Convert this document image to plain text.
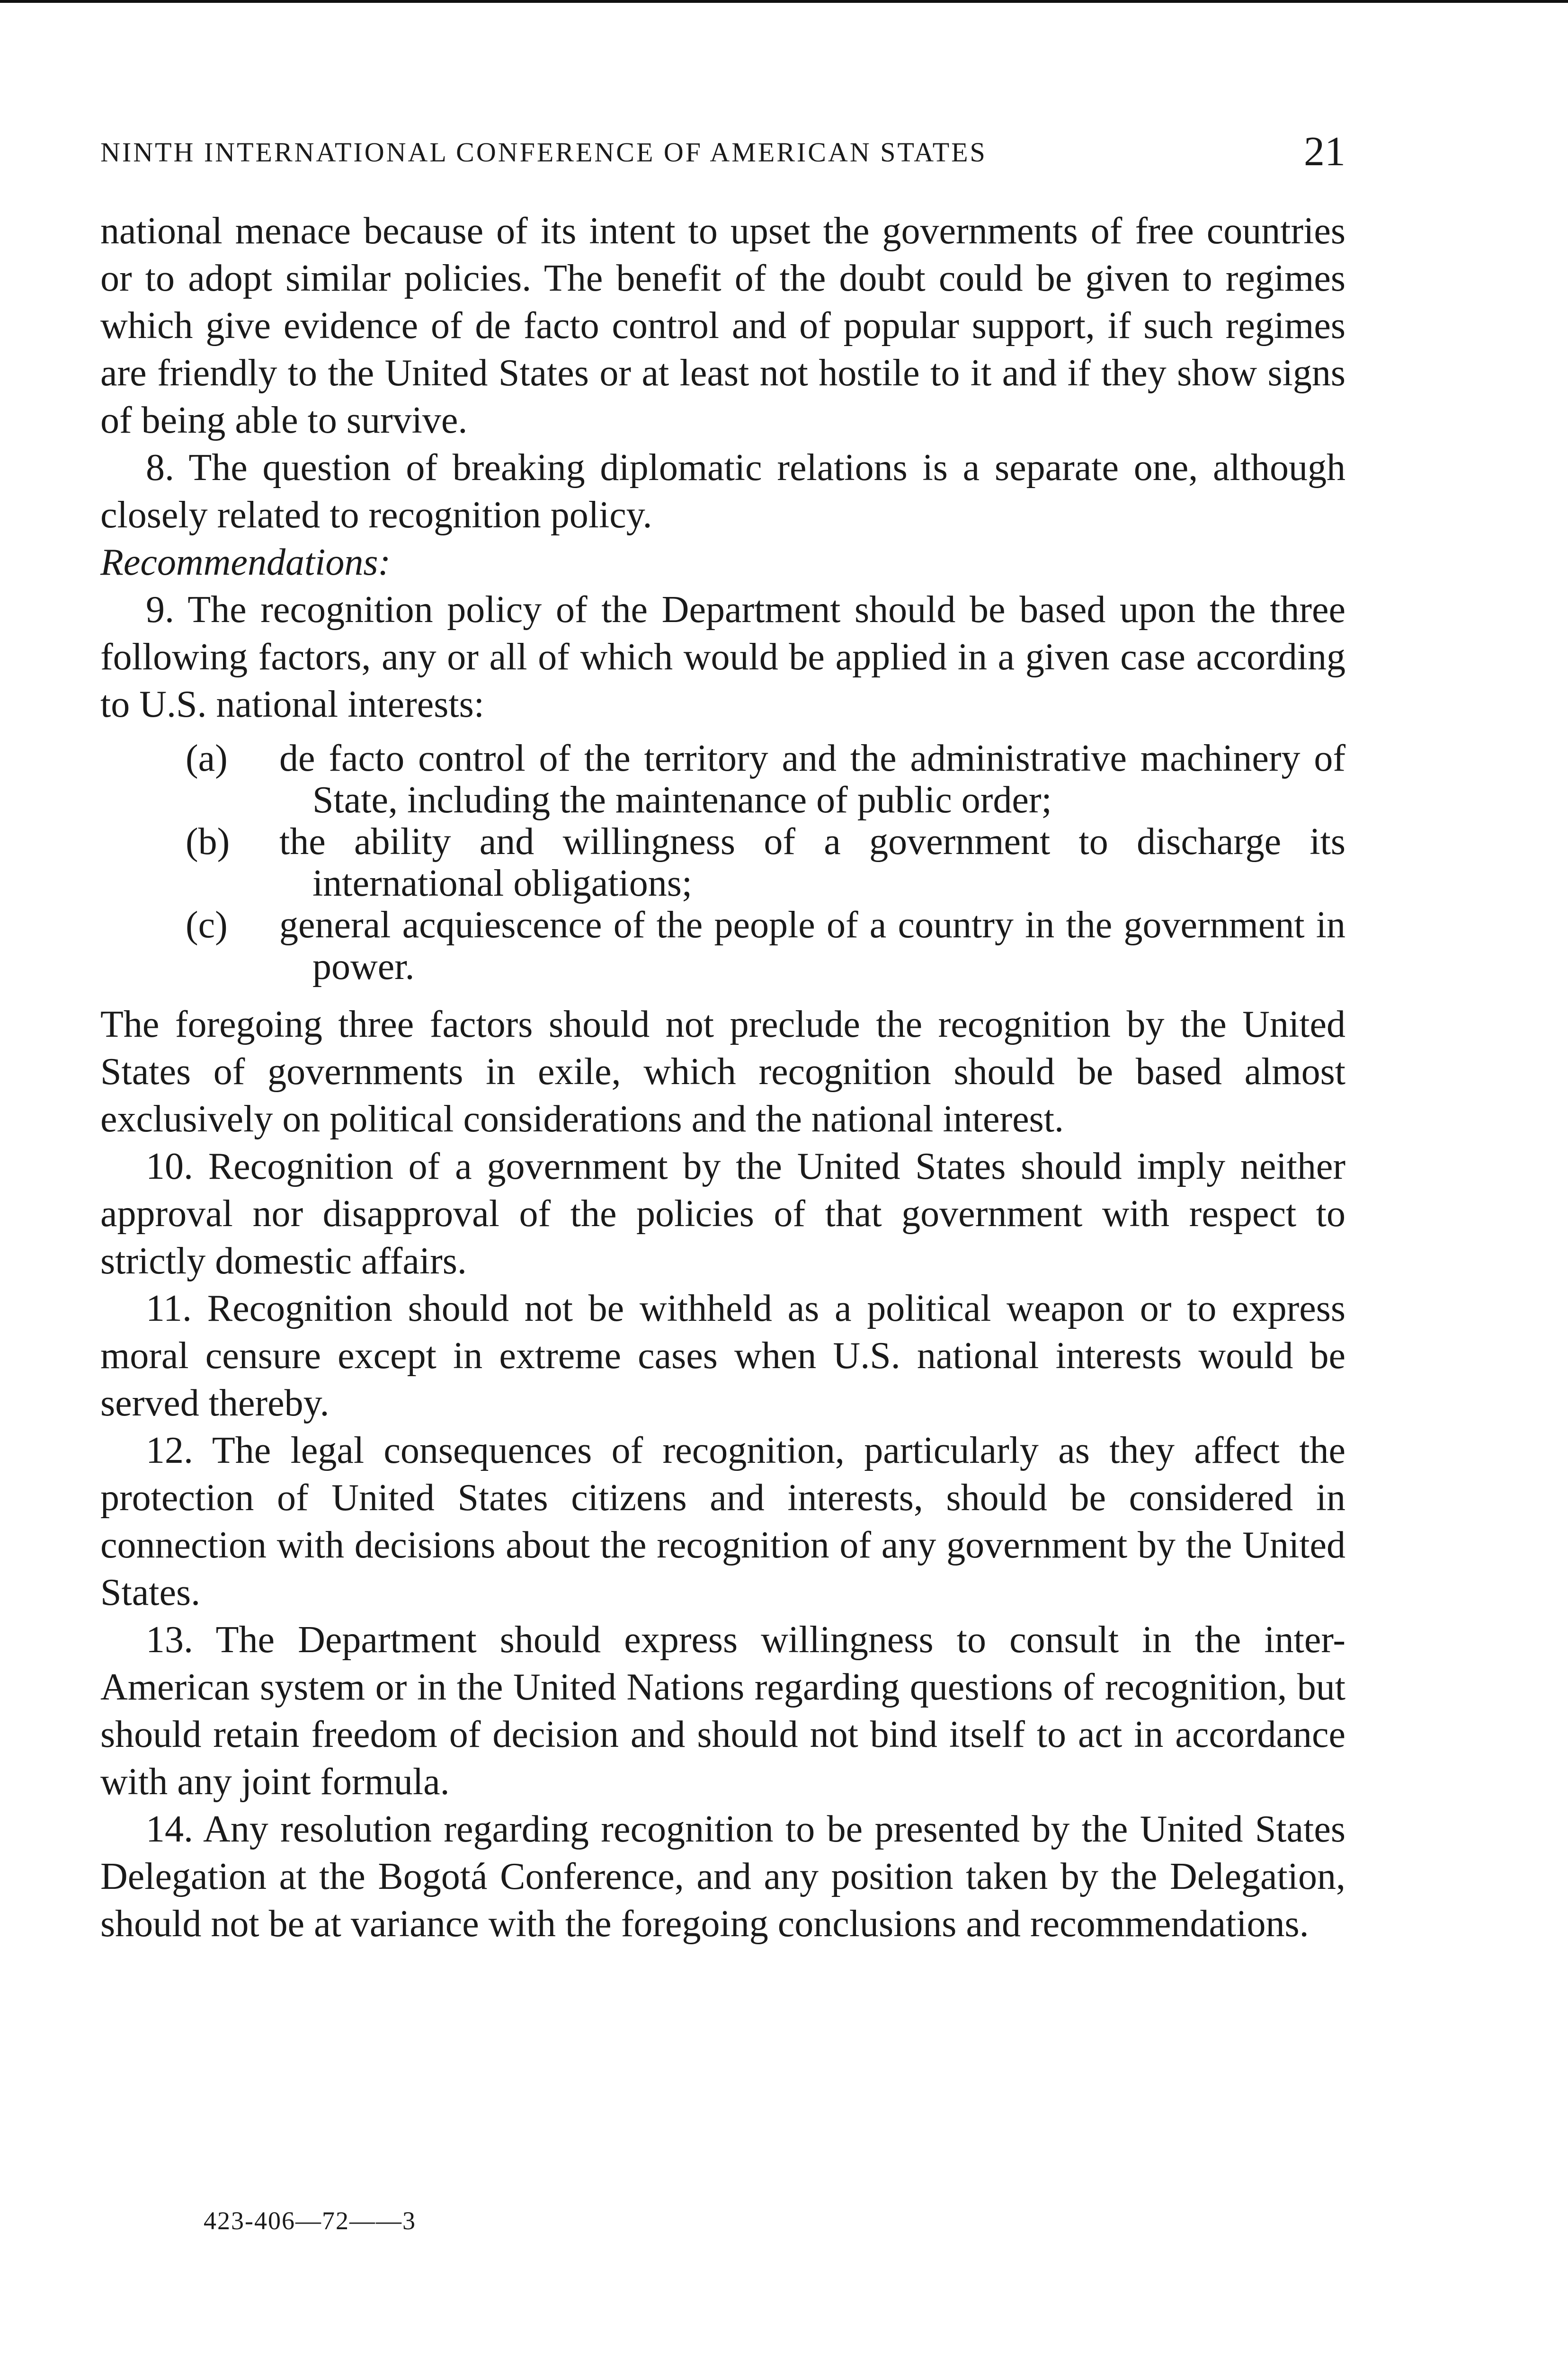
NINTH INTERNATIONAL CONFERENCE OF AMERICAN STATES	21

national menace because of its intent to upset the governments of free countries or to adopt similar policies. The benefit of the doubt could be given to regimes which give evidence of de facto control and of popular support, if such regimes are friendly to the United States or at least not hostile to it and if they show signs of being able to survive.

8. The question of breaking diplomatic relations is a separate one, although closely related to recognition policy.

Recommendations:

9. The recognition policy of the Department should be based upon the three following factors, any or all of which would be applied in a given case according to U.S. national interests:

(a)	de facto control of the territory and the administrative machinery of State, including the maintenance of public order;
(b)	the ability and willingness of a government to discharge its international obligations;
(c)	general acquiescence of the people of a country in the government in power.

The foregoing three factors should not preclude the recognition by the United States of governments in exile, which recognition should be based almost exclusively on political considerations and the national interest.

10. Recognition of a government by the United States should imply neither approval nor disapproval of the policies of that government with respect to strictly domestic affairs.

11. Recognition should not be withheld as a political weapon or to express moral censure except in extreme cases when U.S. national interests would be served thereby.

12. The legal consequences of recognition, particularly as they affect the protection of United States citizens and interests, should be considered in connection with decisions about the recognition of any government by the United States.

13. The Department should express willingness to consult in the inter-American system or in the United Nations regarding questions of recognition, but should retain freedom of decision and should not bind itself to act in accordance with any joint formula.

14. Any resolution regarding recognition to be presented by the United States Delegation at the Bogotá Conference, and any position taken by the Delegation, should not be at variance with the foregoing conclusions and recommendations.

423-406—72——3
